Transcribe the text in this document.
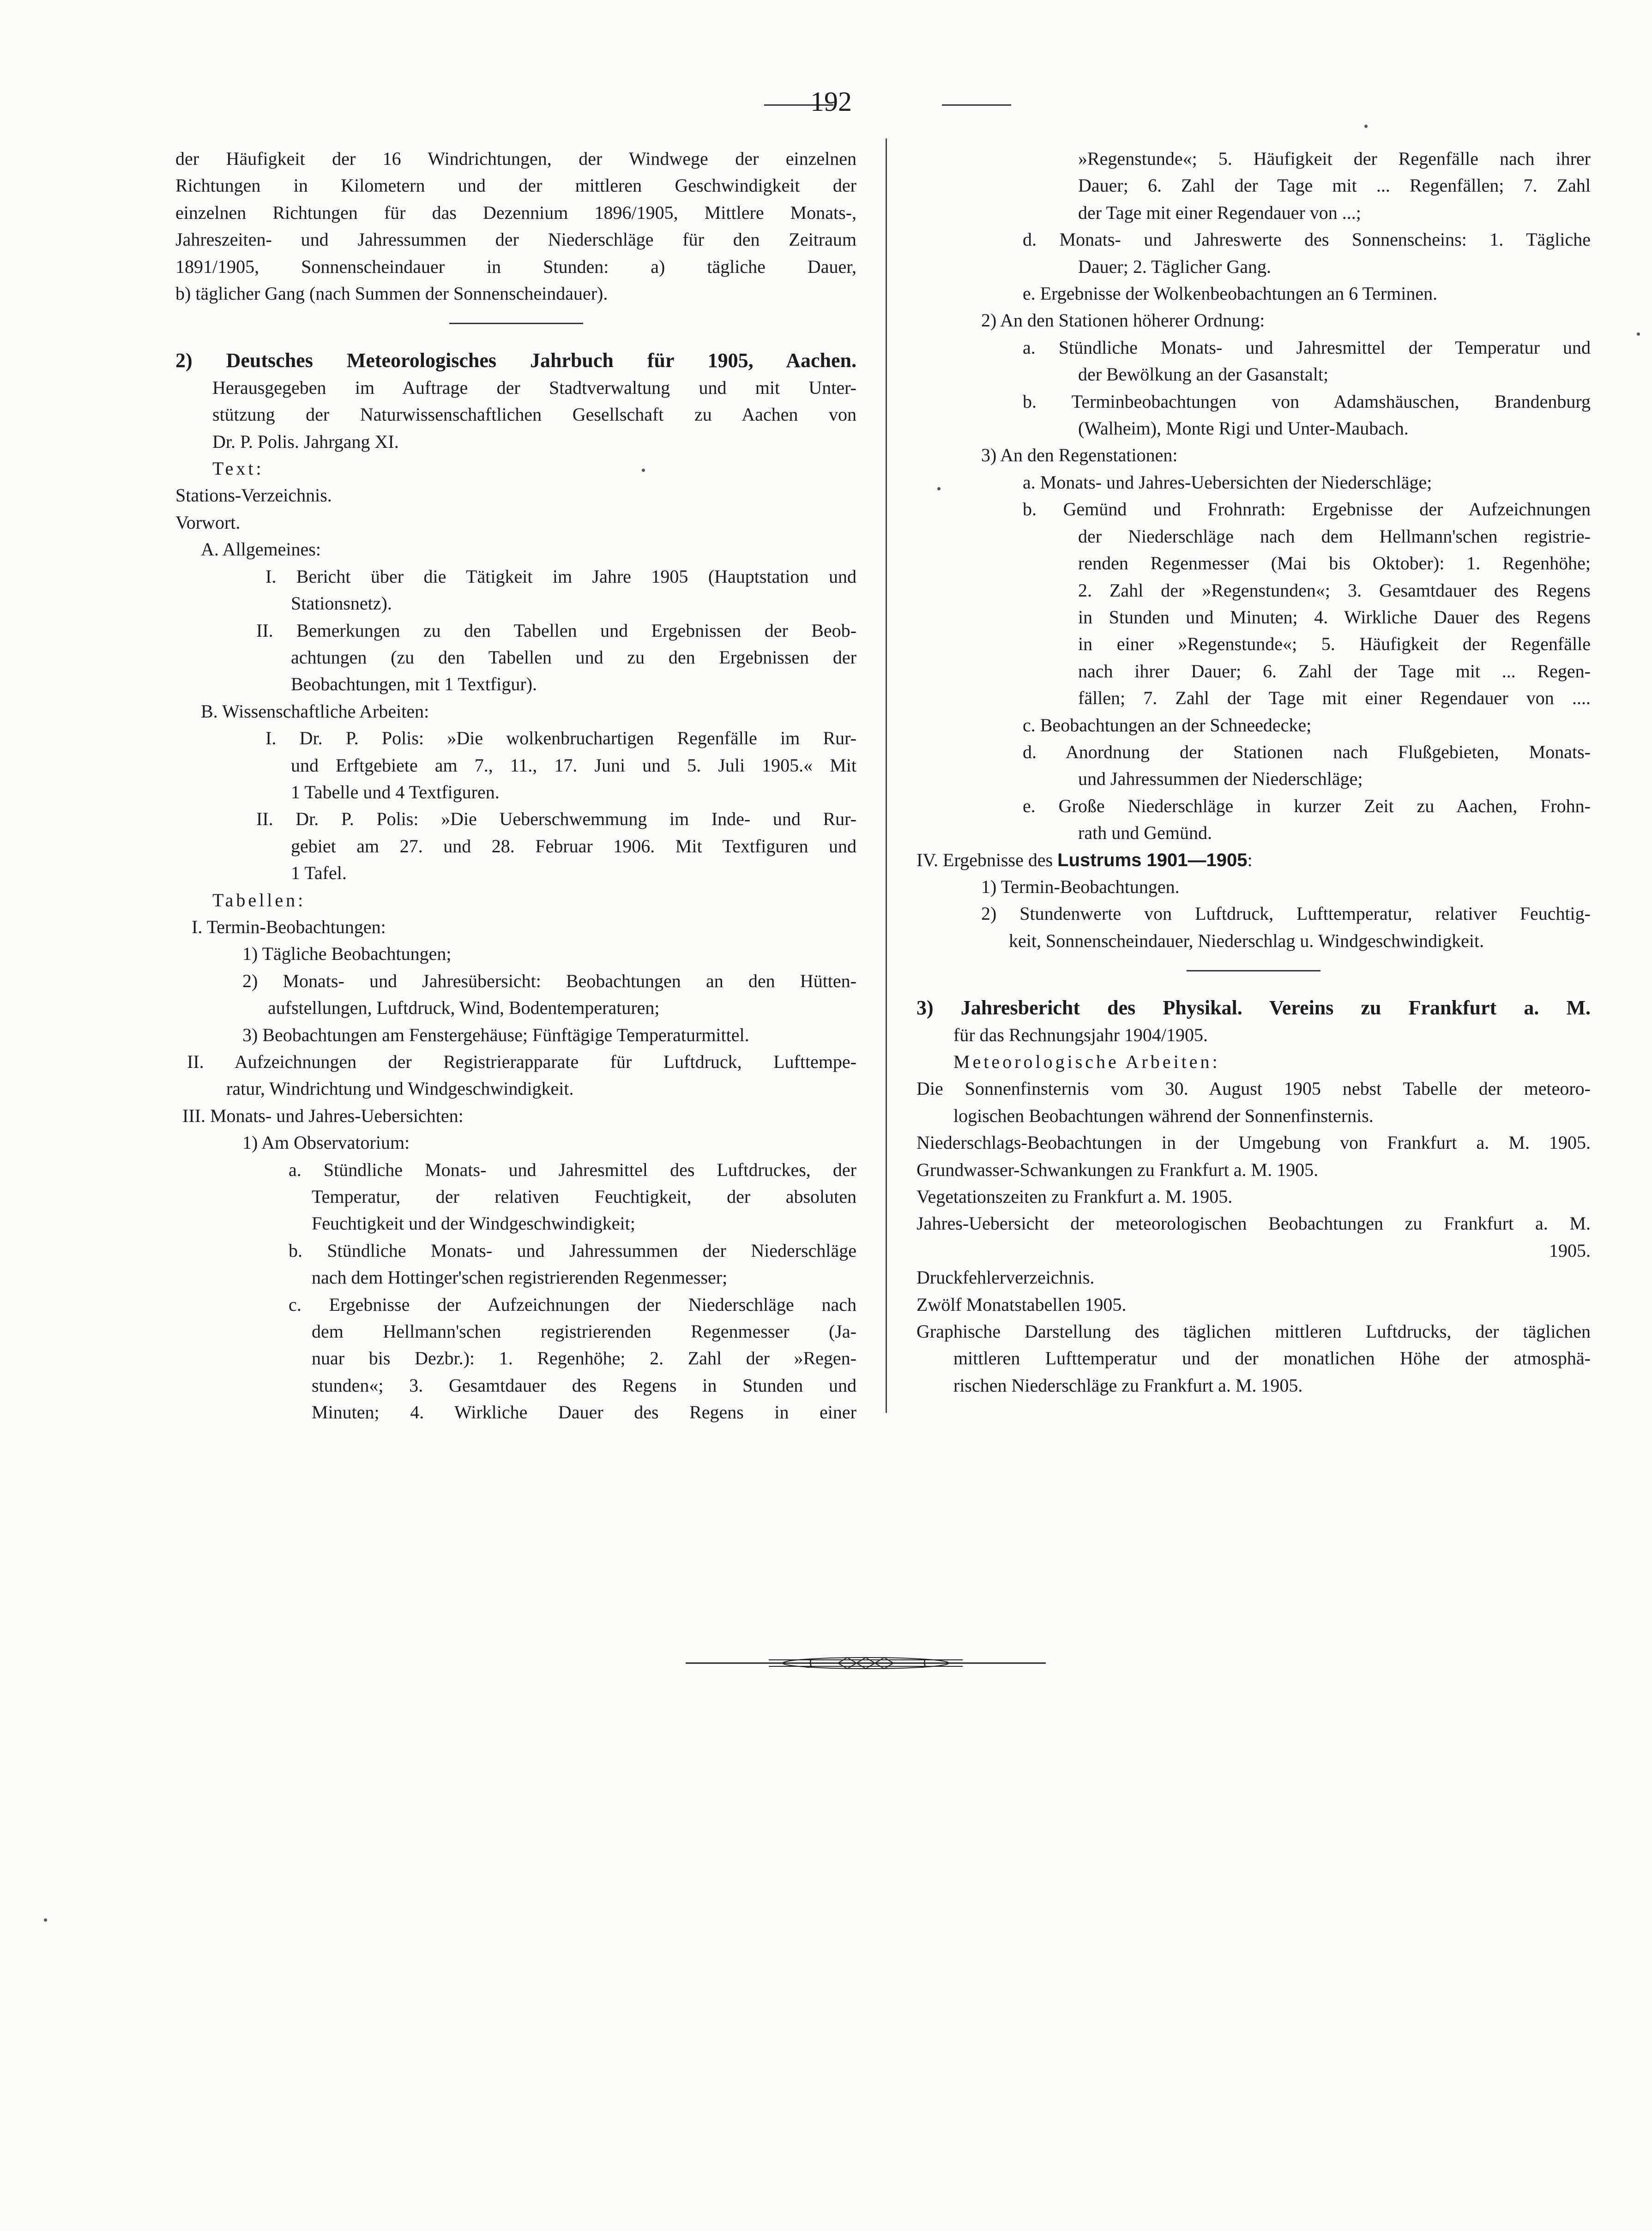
192
der Häufigkeit der 16 Windrichtungen, der Windwege der einzelnen
Richtungen in Kilometern und der mittleren Geschwindigkeit der
einzelnen Richtungen für das Dezennium 1896/1905, Mittlere Monats-,
Jahreszeiten- und Jahressummen der Niederschläge für den Zeitraum
1891/1905, Sonnenscheindauer in Stunden: a) tägliche Dauer,
b) täglicher Gang (nach Summen der Sonnenscheindauer).
2) Deutsches Meteorologisches Jahrbuch für 1905, Aachen.
Herausgegeben im Auftrage der Stadtverwaltung und mit Unter-
stützung der Naturwissenschaftlichen Gesellschaft zu Aachen von
Dr. P. Polis. Jahrgang XI.
Text:
Stations-Verzeichnis.
Vorwort.
A. Allgemeines:
I. Bericht über die Tätigkeit im Jahre 1905 (Hauptstation und
Stationsnetz).
II. Bemerkungen zu den Tabellen und Ergebnissen der Beob-
achtungen (zu den Tabellen und zu den Ergebnissen der
Beobachtungen, mit 1 Textfigur).
B. Wissenschaftliche Arbeiten:
I. Dr. P. Polis: »Die wolkenbruchartigen Regenfälle im Rur-
und Erftgebiete am 7., 11., 17. Juni und 5. Juli 1905.« Mit
1 Tabelle und 4 Textfiguren.
II. Dr. P. Polis: »Die Ueberschwemmung im Inde- und Rur-
gebiet am 27. und 28. Februar 1906. Mit Textfiguren und
1 Tafel.
Tabellen:
I. Termin-Beobachtungen:
1) Tägliche Beobachtungen;
2) Monats- und Jahresübersicht: Beobachtungen an den Hütten-
aufstellungen, Luftdruck, Wind, Bodentemperaturen;
3) Beobachtungen am Fenstergehäuse; Fünftägige Temperaturmittel.
II. Aufzeichnungen der Registrierapparate für Luftdruck, Lufttempe-
ratur, Windrichtung und Windgeschwindigkeit.
III. Monats- und Jahres-Uebersichten:
1) Am Observatorium:
a. Stündliche Monats- und Jahresmittel des Luftdruckes, der
Temperatur, der relativen Feuchtigkeit, der absoluten
Feuchtigkeit und der Windgeschwindigkeit;
b. Stündliche Monats- und Jahressummen der Niederschläge
nach dem Hottinger'schen registrierenden Regenmesser;
c. Ergebnisse der Aufzeichnungen der Niederschläge nach
dem Hellmann'schen registrierenden Regenmesser (Ja-
nuar bis Dezbr.): 1. Regenhöhe; 2. Zahl der »Regen-
stunden«; 3. Gesamtdauer des Regens in Stunden und
Minuten; 4. Wirkliche Dauer des Regens in einer
»Regenstunde«; 5. Häufigkeit der Regenfälle nach ihrer
Dauer; 6. Zahl der Tage mit ... Regenfällen; 7. Zahl
der Tage mit einer Regendauer von ...;
d. Monats- und Jahreswerte des Sonnenscheins: 1. Tägliche
Dauer; 2. Täglicher Gang.
e. Ergebnisse der Wolkenbeobachtungen an 6 Terminen.
2) An den Stationen höherer Ordnung:
a. Stündliche Monats- und Jahresmittel der Temperatur und
der Bewölkung an der Gasanstalt;
b. Terminbeobachtungen von Adamshäuschen, Brandenburg
(Walheim), Monte Rigi und Unter-Maubach.
3) An den Regenstationen:
a. Monats- und Jahres-Uebersichten der Niederschläge;
b. Gemünd und Frohnrath: Ergebnisse der Aufzeichnungen
der Niederschläge nach dem Hellmann'schen registrie-
renden Regenmesser (Mai bis Oktober): 1. Regenhöhe;
2. Zahl der »Regenstunden«; 3. Gesamtdauer des Regens
in Stunden und Minuten; 4. Wirkliche Dauer des Regens
in einer »Regenstunde«; 5. Häufigkeit der Regenfälle
nach ihrer Dauer; 6. Zahl der Tage mit ... Regen-
fällen; 7. Zahl der Tage mit einer Regendauer von ....
c. Beobachtungen an der Schneedecke;
d. Anordnung der Stationen nach Flußgebieten, Monats-
und Jahressummen der Niederschläge;
e. Große Niederschläge in kurzer Zeit zu Aachen, Frohn-
rath und Gemünd.
IV. Ergebnisse des Lustrums 1901—1905:
1) Termin-Beobachtungen.
2) Stundenwerte von Luftdruck, Lufttemperatur, relativer Feuchtig-
keit, Sonnenscheindauer, Niederschlag u. Windgeschwindigkeit.
3) Jahresbericht des Physikal. Vereins zu Frankfurt a. M.
für das Rechnungsjahr 1904/1905.
Meteorologische Arbeiten:
Die Sonnenfinsternis vom 30. August 1905 nebst Tabelle der meteoro-
logischen Beobachtungen während der Sonnenfinsternis.
Niederschlags-Beobachtungen in der Umgebung von Frankfurt a. M. 1905.
Grundwasser-Schwankungen zu Frankfurt a. M. 1905.
Vegetationszeiten zu Frankfurt a. M. 1905.
Jahres-Uebersicht der meteorologischen Beobachtungen zu Frankfurt a. M.
1905.
Druckfehlerverzeichnis.
Zwölf Monatstabellen 1905.
Graphische Darstellung des täglichen mittleren Luftdrucks, der täglichen
mittleren Lufttemperatur und der monatlichen Höhe der atmosphä-
rischen Niederschläge zu Frankfurt a. M. 1905.
3	3
